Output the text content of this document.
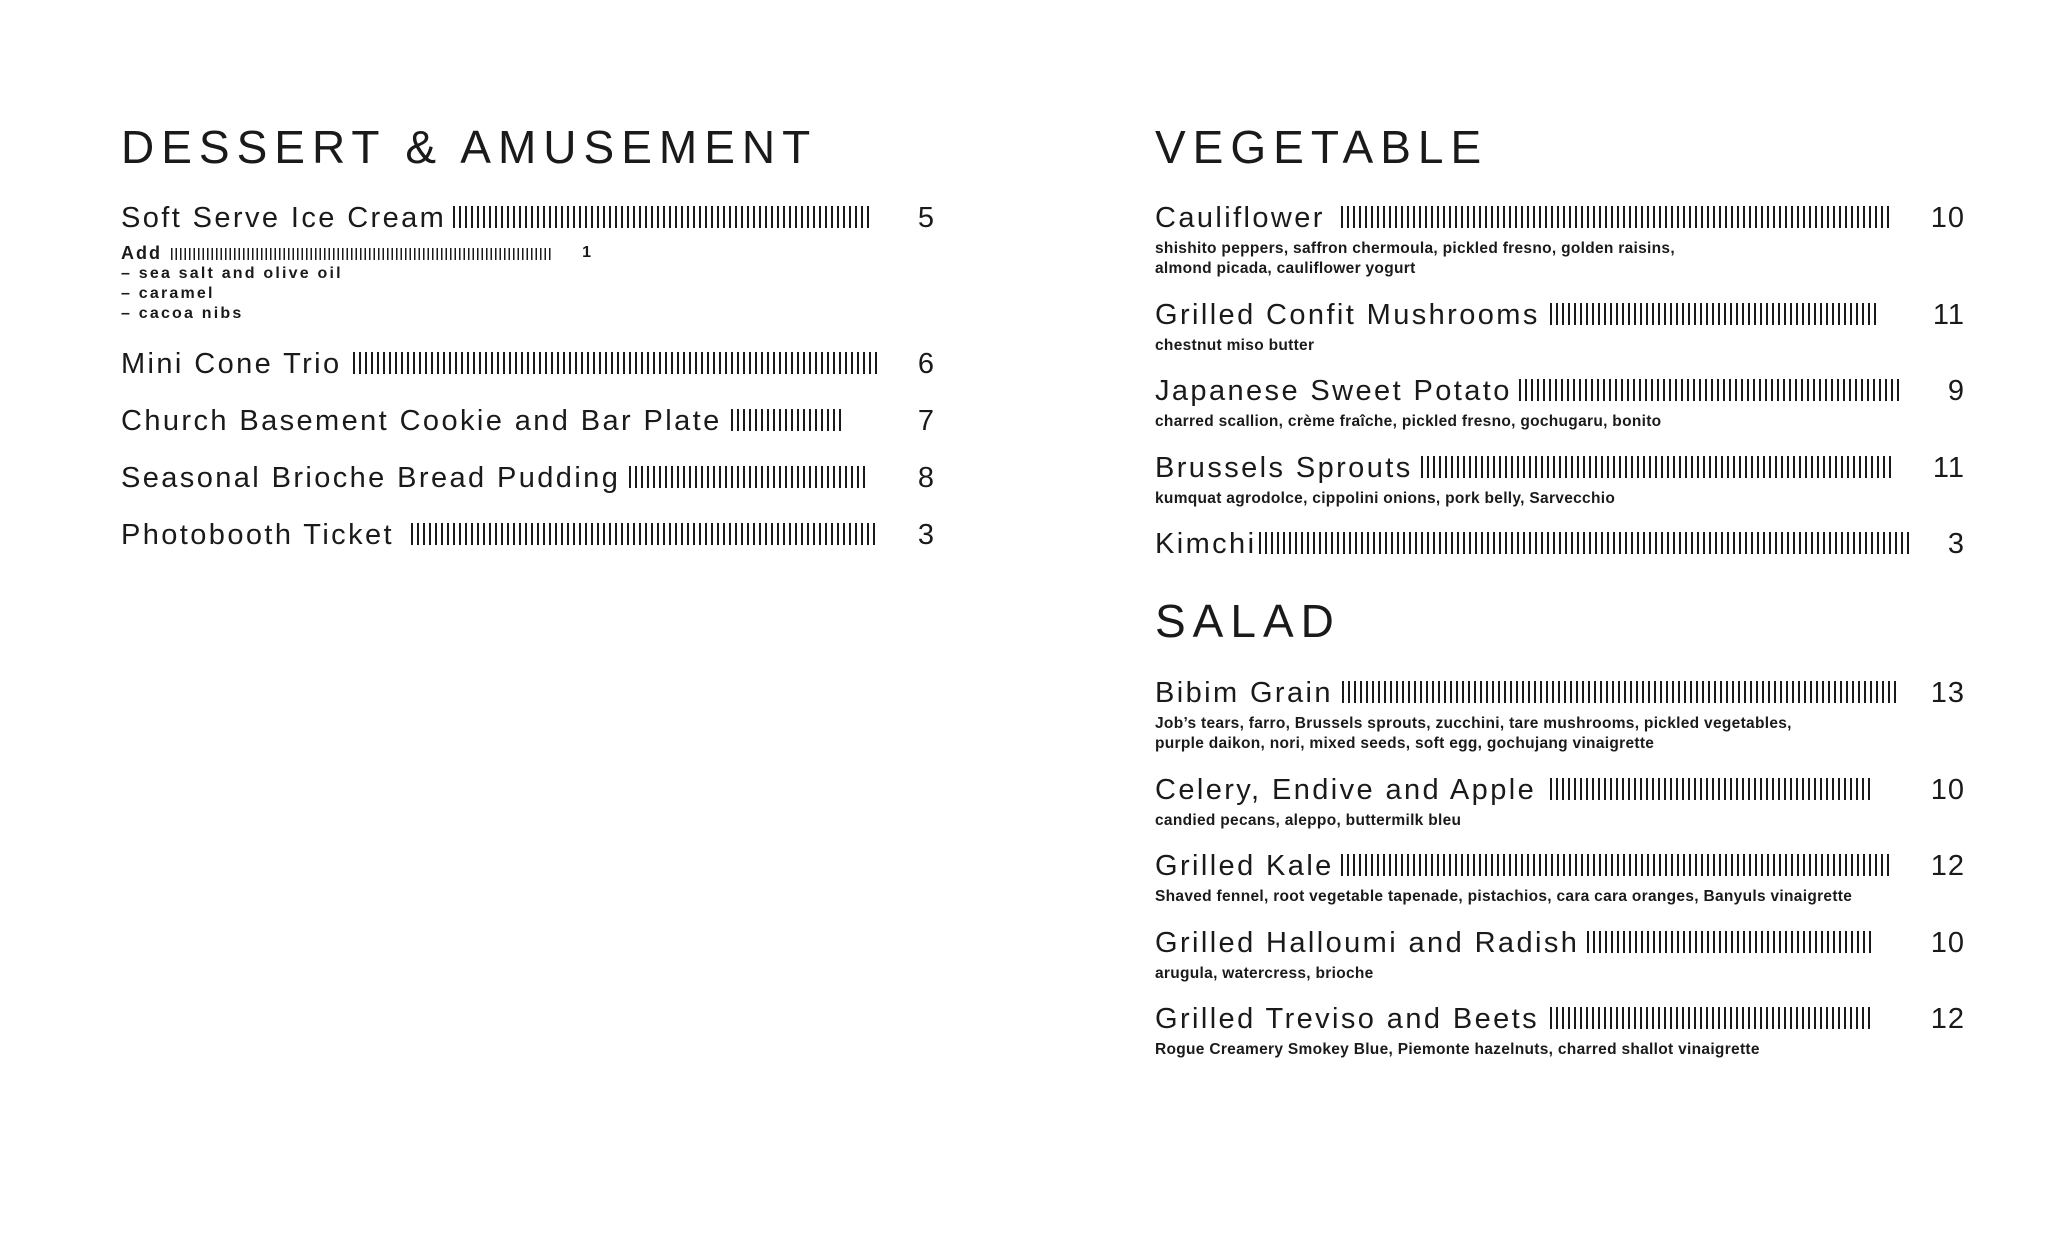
DESSERT & AMUSEMENT
Soft Serve Ice Cream	5
Add	1
– sea salt and olive oil
– caramel
– cacoa nibs
Mini Cone Trio	6
Church Basement Cookie and Bar Plate	7
Seasonal Brioche Bread Pudding	8
Photobooth Ticket	3
VEGETABLE
Cauliflower	10
shishito peppers, saffron chermoula, pickled fresno, golden raisins,
almond picada, cauliflower yogurt
Grilled Confit Mushrooms	11
chestnut miso butter
Japanese Sweet Potato	9
charred scallion, crème fraîche, pickled fresno, gochugaru, bonito
Brussels Sprouts	11
kumquat agrodolce, cippolini onions, pork belly, Sarvecchio
Kimchi	3
SALAD
Bibim Grain	13
Job’s tears, farro, Brussels sprouts, zucchini, tare mushrooms, pickled vegetables,
purple daikon, nori, mixed seeds, soft egg, gochujang vinaigrette
Celery, Endive and Apple	10
candied pecans, aleppo, buttermilk bleu
Grilled Kale	12
Shaved fennel, root vegetable tapenade, pistachios, cara cara oranges, Banyuls vinaigrette
Grilled Halloumi and Radish	10
arugula, watercress, brioche
Grilled Treviso and Beets	12
Rogue Creamery Smokey Blue, Piemonte hazelnuts, charred shallot vinaigrette
